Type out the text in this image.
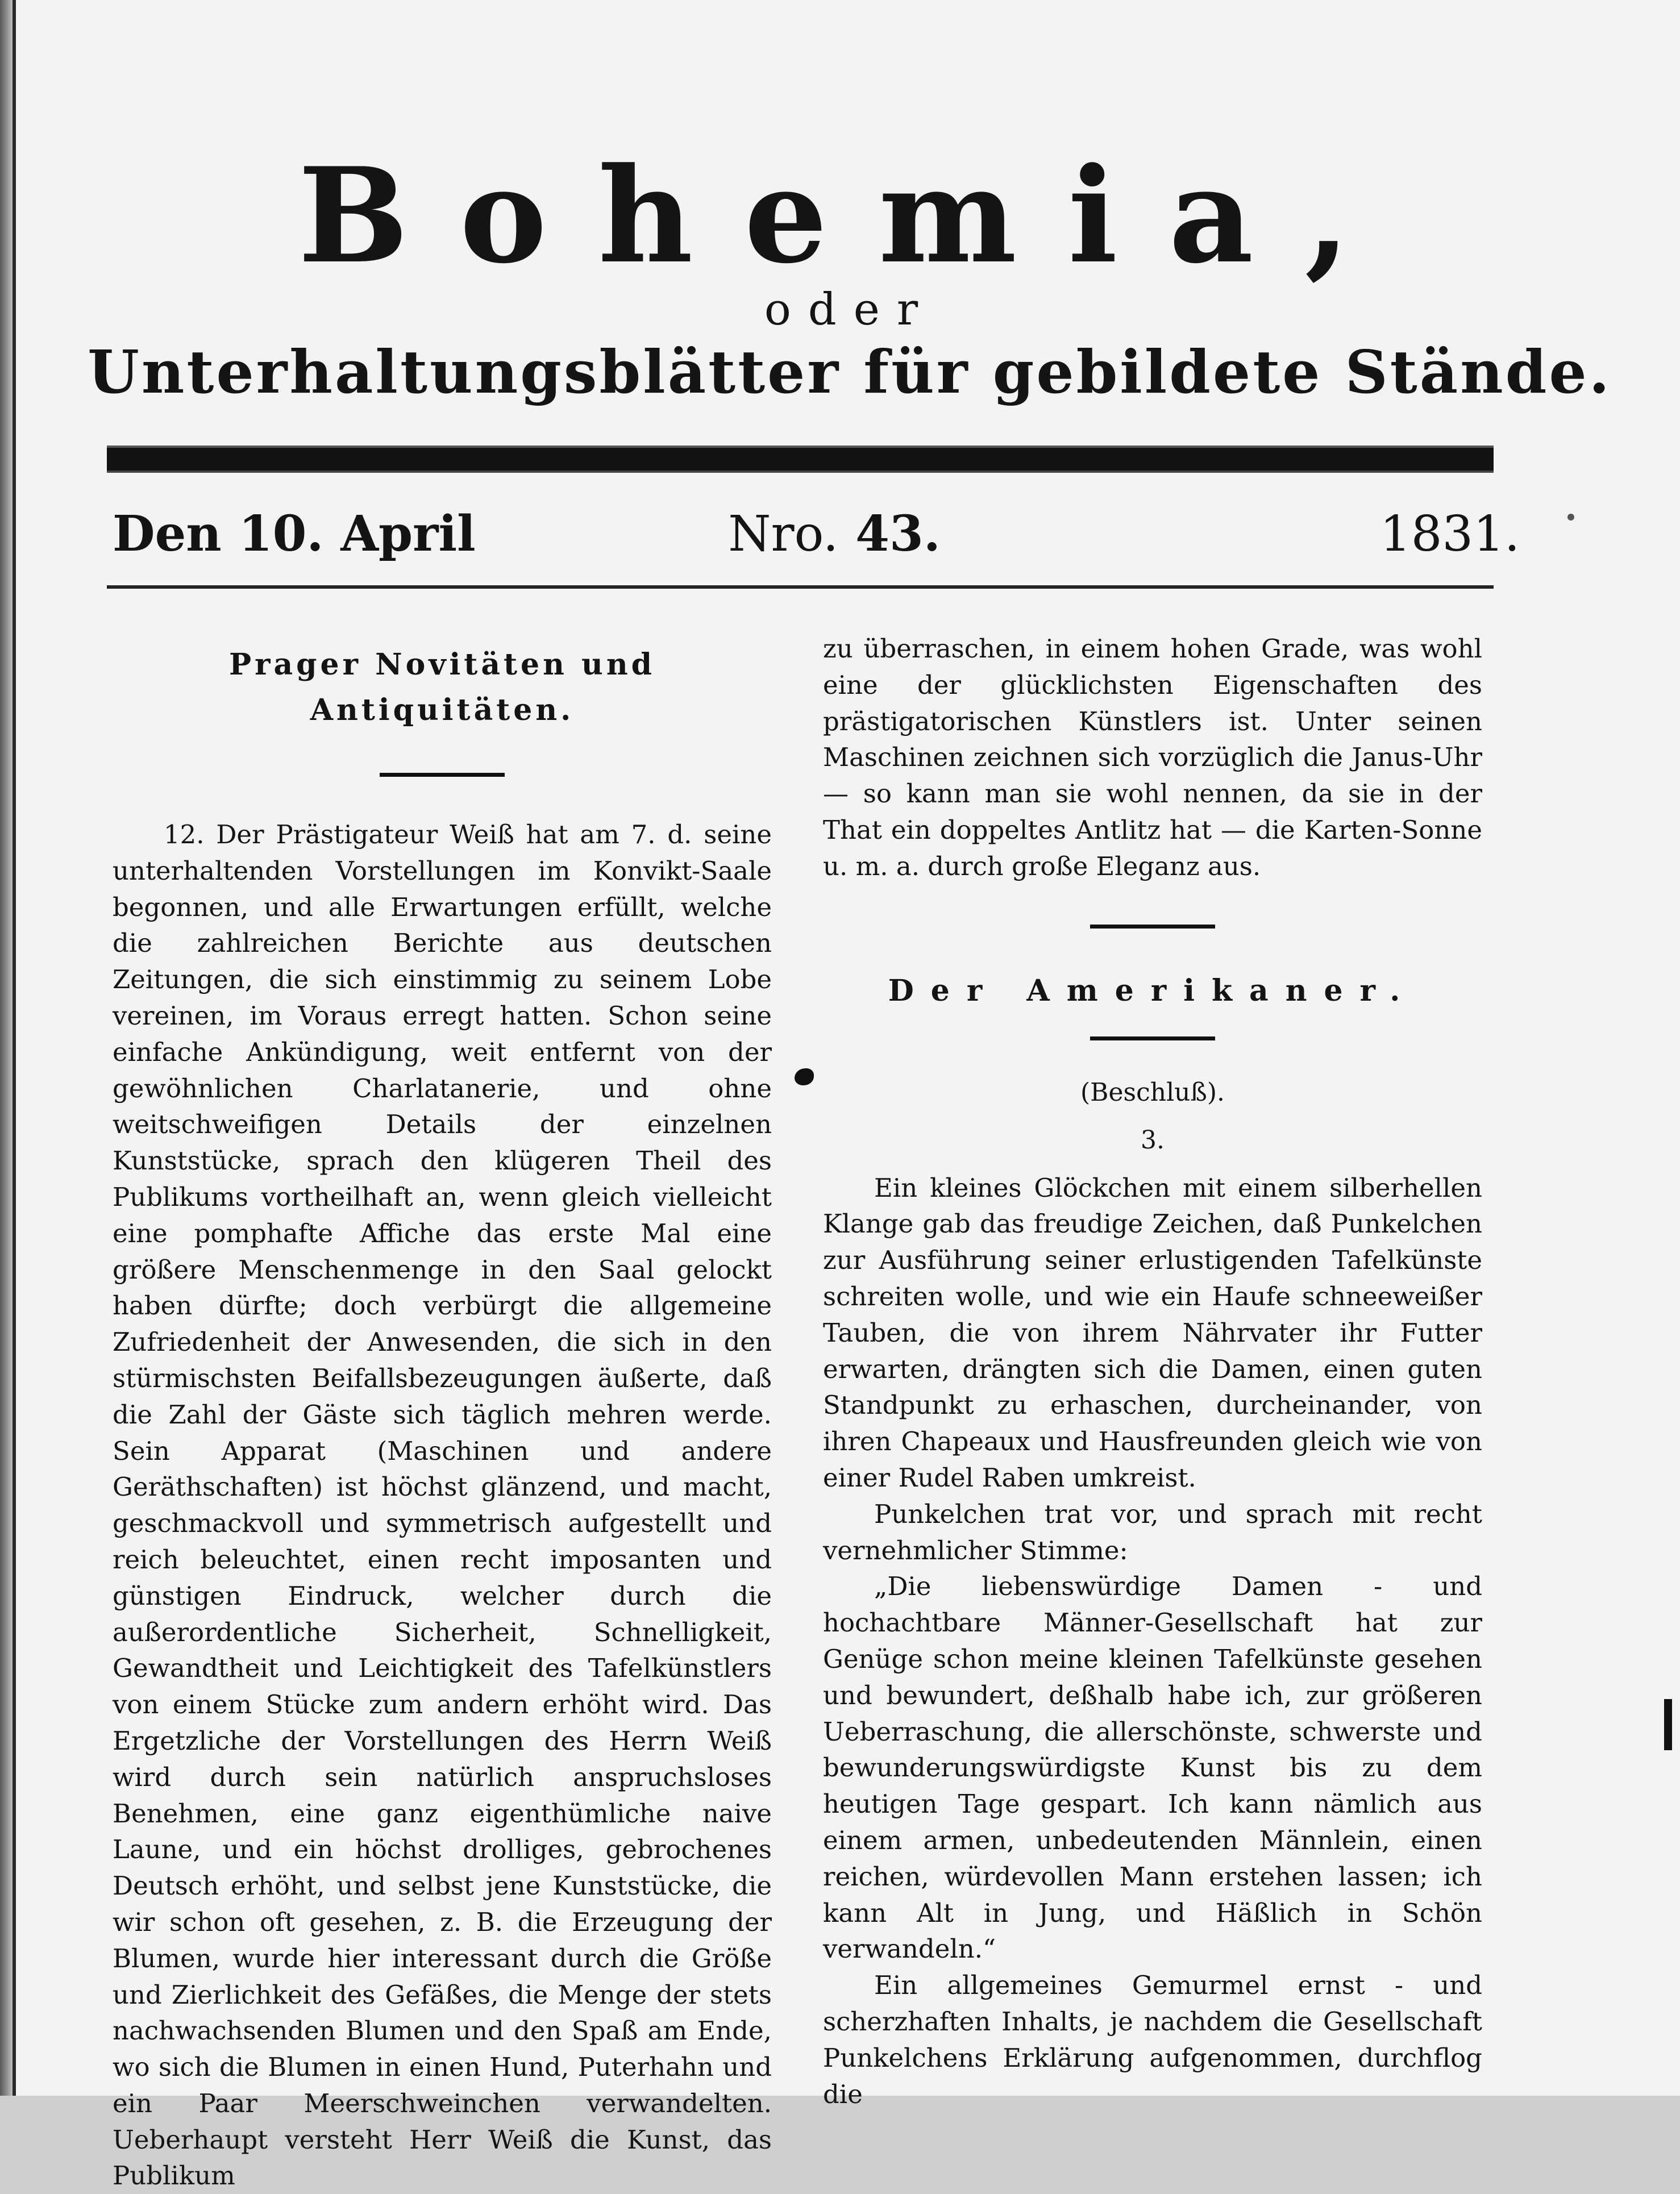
Bohemia,
oder
Unterhaltungsblätter für gebildete Stände.
Den 10. April	Nro. 43.	1831.
Prager Novitäten und Antiquitäten.

12. Der Prästigateur Weiß hat am 7. d. seine unterhaltenden Vorstellungen im Konvikt-Saale begonnen, und alle Erwartungen erfüllt, welche die zahlreichen Berichte aus deutschen Zeitungen, die sich einstimmig zu seinem Lobe vereinen, im Voraus erregt hatten. Schon seine einfache Ankündigung, weit entfernt von der gewöhnlichen Charlatanerie, und ohne weitschweifigen Details der einzelnen Kunststücke, sprach den klügeren Theil des Publikums vortheilhaft an, wenn gleich vielleicht eine pomphafte Affiche das erste Mal eine größere Menschenmenge in den Saal gelockt haben dürfte; doch verbürgt die allgemeine Zufriedenheit der Anwesenden, die sich in den stürmischsten Beifallsbezeugungen äußerte, daß die Zahl der Gäste sich täglich mehren werde. Sein Apparat (Maschinen und andere Geräthschaften) ist höchst glänzend, und macht, geschmackvoll und symmetrisch aufgestellt und reich beleuchtet, einen recht imposanten und günstigen Eindruck, welcher durch die außerordentliche Sicherheit, Schnelligkeit, Gewandtheit und Leichtigkeit des Tafelkünstlers von einem Stücke zum andern erhöht wird. Das Ergetzliche der Vorstellungen des Herrn Weiß wird durch sein natürlich anspruchsloses Benehmen, eine ganz eigenthümliche naive Laune, und ein höchst drolliges, gebrochenes Deutsch erhöht, und selbst jene Kunststücke, die wir schon oft gesehen, z. B. die Erzeugung der Blumen, wurde hier interessant durch die Größe und Zierlichkeit des Gefäßes, die Menge der stets nachwachsenden Blumen und den Spaß am Ende, wo sich die Blumen in einen Hund, Puterhahn und ein Paar Meerschweinchen verwandelten. Ueberhaupt versteht Herr Weiß die Kunst, das Publikum

zu überraschen, in einem hohen Grade, was wohl eine der glücklichsten Eigenschaften des prästigatorischen Künstlers ist. Unter seinen Maschinen zeichnen sich vorzüglich die Janus-Uhr — so kann man sie wohl nennen, da sie in der That ein doppeltes Antlitz hat — die Karten-Sonne u. m. a. durch große Eleganz aus.

Der Amerikaner.

(Beschluß).

3.

Ein kleines Glöckchen mit einem silberhellen Klange gab das freudige Zeichen, daß Punkelchen zur Ausführung seiner erlustigenden Tafelkünste schreiten wolle, und wie ein Haufe schneeweißer Tauben, die von ihrem Nährvater ihr Futter erwarten, drängten sich die Damen, einen guten Standpunkt zu erhaschen, durcheinander, von ihren Chapeaux und Hausfreunden gleich wie von einer Rudel Raben umkreist.

Punkelchen trat vor, und sprach mit recht vernehmlicher Stimme:

„Die liebenswürdige Damen - und hochachtbare Männer-Gesellschaft hat zur Genüge schon meine kleinen Tafelkünste gesehen und bewundert, deßhalb habe ich, zur größeren Ueberraschung, die allerschönste, schwerste und bewunderungswürdigste Kunst bis zu dem heutigen Tage gespart. Ich kann nämlich aus einem armen, unbedeutenden Männlein, einen reichen, würdevollen Mann erstehen lassen; ich kann Alt in Jung, und Häßlich in Schön verwandeln.“

Ein allgemeines Gemurmel ernst - und scherzhaften Inhalts, je nachdem die Gesellschaft Punkelchens Erklärung aufgenommen, durchflog die
